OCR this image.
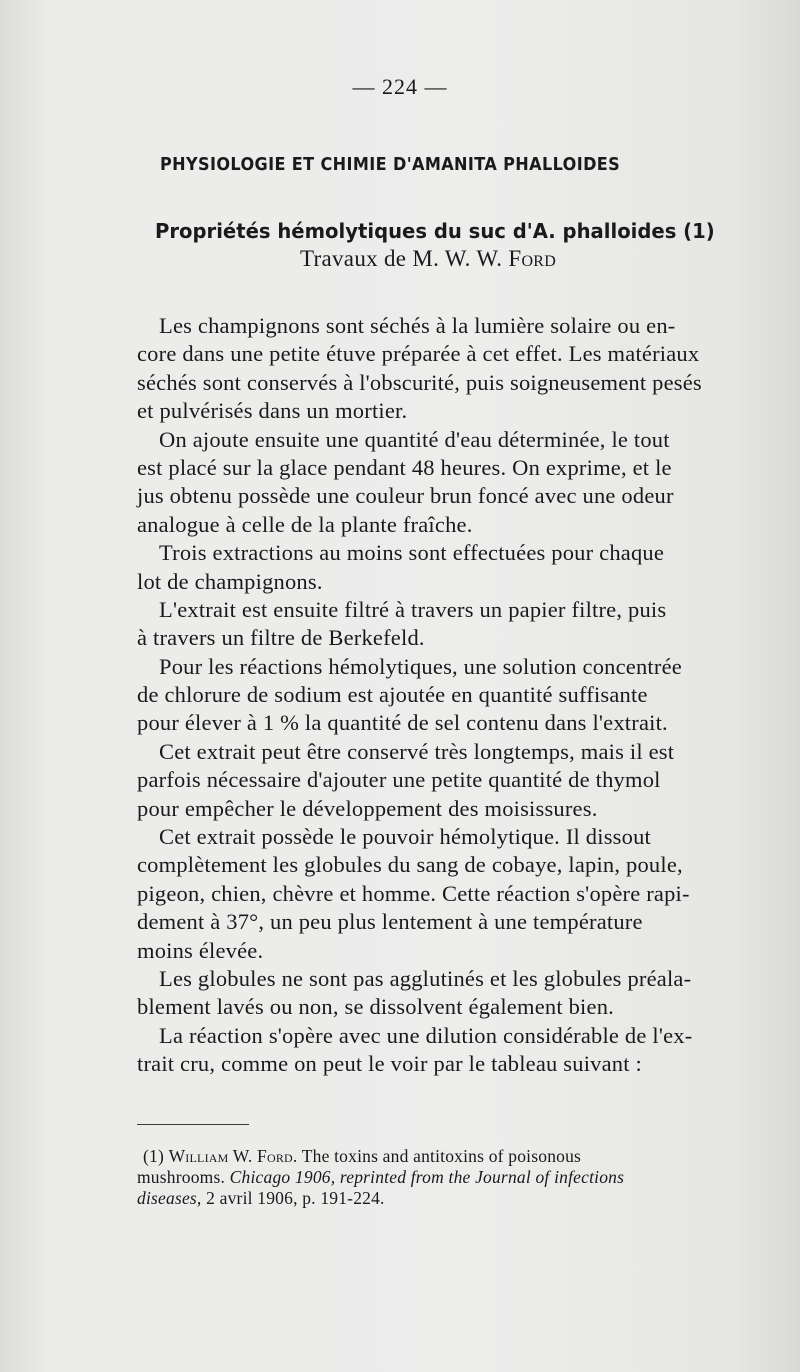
— 224 —
PHYSIOLOGIE ET CHIMIE D'AMANITA PHALLOIDES
Propriétés hémolytiques du suc d'A. phalloides (1)
Travaux de M. W. W. Ford
Les champignons sont séchés à la lumière solaire ou en-
core dans une petite étuve préparée à cet effet. Les matériaux
séchés sont conservés à l'obscurité, puis soigneusement pesés
et pulvérisés dans un mortier.
On ajoute ensuite une quantité d'eau déterminée, le tout
est placé sur la glace pendant 48 heures. On exprime, et le
jus obtenu possède une couleur brun foncé avec une odeur
analogue à celle de la plante fraîche.
Trois extractions au moins sont effectuées pour chaque
lot de champignons.
L'extrait est ensuite filtré à travers un papier filtre, puis
à travers un filtre de Berkefeld.
Pour les réactions hémolytiques, une solution concentrée
de chlorure de sodium est ajoutée en quantité suffisante
pour élever à 1 % la quantité de sel contenu dans l'extrait.
Cet extrait peut être conservé très longtemps, mais il est
parfois nécessaire d'ajouter une petite quantité de thymol
pour empêcher le développement des moisissures.
Cet extrait possède le pouvoir hémolytique. Il dissout
complètement les globules du sang de cobaye, lapin, poule,
pigeon, chien, chèvre et homme. Cette réaction s'opère rapi-
dement à 37°, un peu plus lentement à une température
moins élevée.
Les globules ne sont pas agglutinés et les globules préala-
blement lavés ou non, se dissolvent également bien.
La réaction s'opère avec une dilution considérable de l'ex-
trait cru, comme on peut le voir par le tableau suivant :
(1) William W. Ford. The toxins and antitoxins of poisonous
mushrooms. Chicago 1906, reprinted from the Journal of infections
diseases, 2 avril 1906, p. 191-224.
